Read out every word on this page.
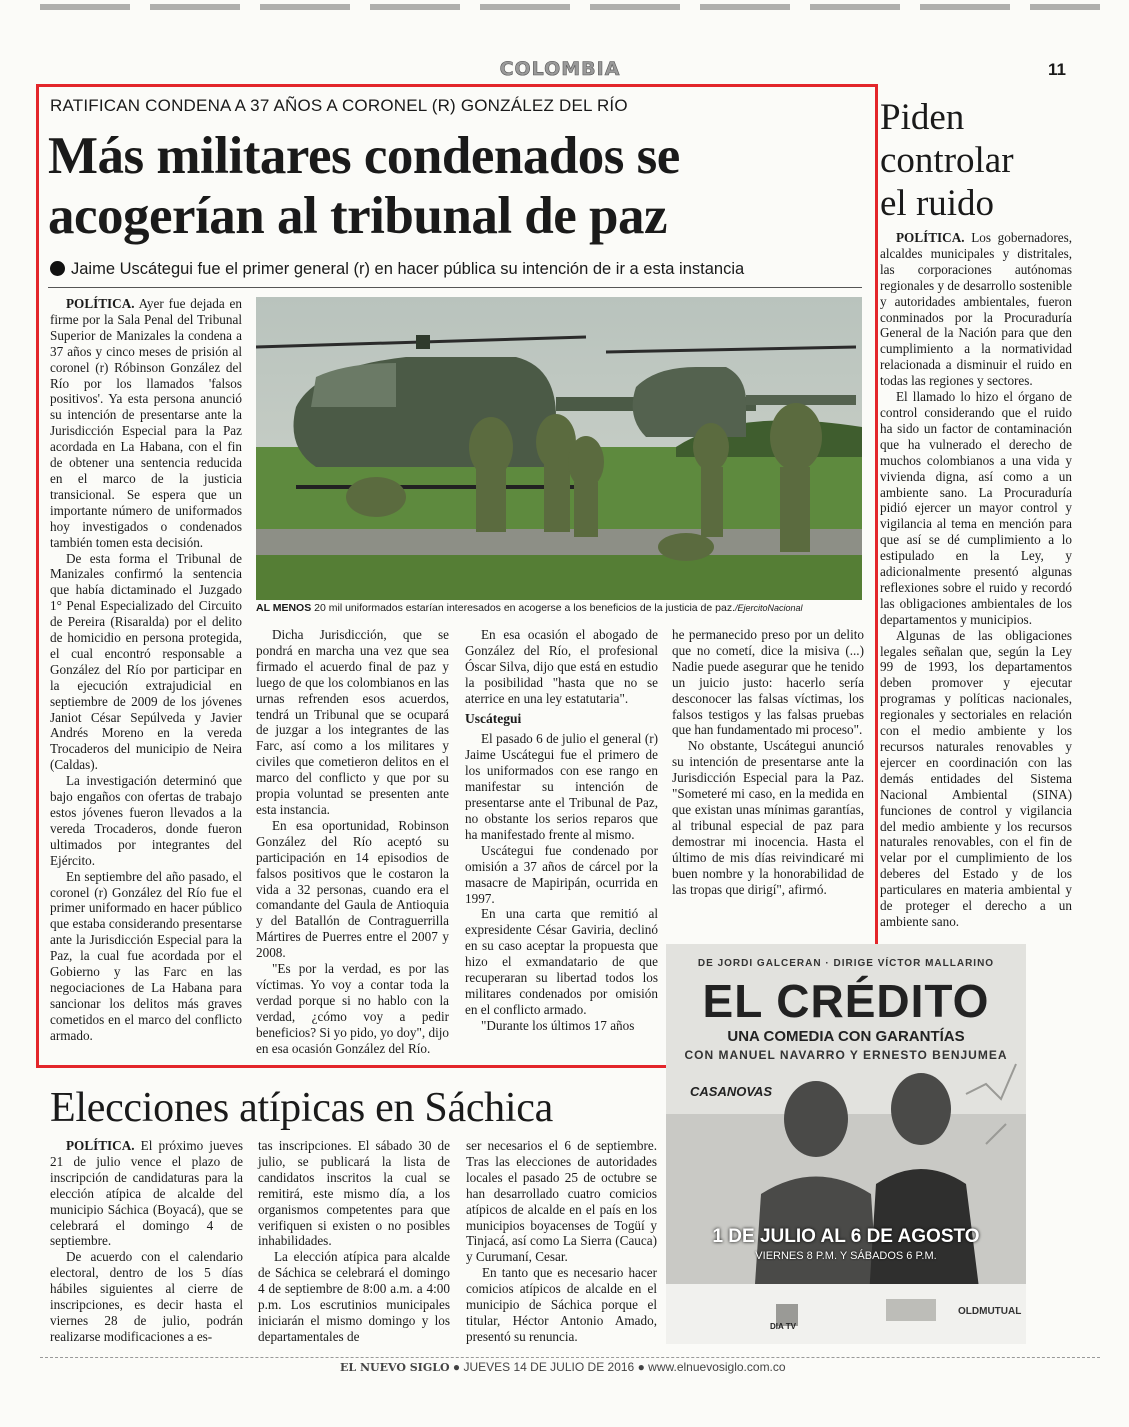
COLOMBIA	11
RATIFICAN CONDENA A 37 AÑOS A CORONEL (R) GONZÁLEZ DEL RÍO
Más militares condenados se
acogerían al tribunal de paz
Jaime Uscátegui fue el primer general (r) en hacer pública su intención de ir a esta instancia

POLÍTICA. Ayer fue dejada en firme por la Sala Penal del Tribunal Superior de Manizales la condena a 37 años y cinco meses de prisión al coronel (r) Róbinson González del Río por los llamados 'falsos positivos'. Ya esta persona anunció su intención de presentarse ante la Jurisdicción Especial para la Paz acordada en La Habana, con el fin de obtener una sentencia reducida en el marco de la justicia transicional. Se espera que un importante número de uniformados hoy investigados o condenados también tomen esta decisión.

De esta forma el Tribunal de Manizales confirmó la sentencia que había dictaminado el Juzgado 1° Penal Especializado del Circuito de Pereira (Risaralda) por el delito de homicidio en persona protegida, el cual encontró responsable a González del Río por participar en la ejecución extrajudicial en septiembre de 2009 de los jóvenes Janiot César Sepúlveda y Javier Andrés Moreno en la vereda Trocaderos del municipio de Neira (Caldas).

La investigación determinó que bajo engaños con ofertas de trabajo estos jóvenes fueron llevados a la vereda Trocaderos, donde fueron ultimados por integrantes del Ejército.

En septiembre del año pasado, el coronel (r) González del Río fue el primer uniformado en hacer público que estaba considerando presentarse ante la Jurisdicción Especial para la Paz, la cual fue acordada por el Gobierno y las Farc en las negociaciones de La Habana para sancionar los delitos más graves cometidos en el marco del conflicto armado.

AL MENOS 20 mil uniformados estarían interesados en acogerse a los beneficios de la justicia de paz./EjercitoNacional

Dicha Jurisdicción, que se pondrá en marcha una vez que sea firmado el acuerdo final de paz y luego de que los colombianos en las urnas refrenden esos acuerdos, tendrá un Tribunal que se ocupará de juzgar a los integrantes de las Farc, así como a los militares y civiles que cometieron delitos en el marco del conflicto y que por su propia voluntad se presenten ante esta instancia.

En esa oportunidad, Robinson González del Río aceptó su participación en 14 episodios de falsos positivos que le costaron la vida a 32 personas, cuando era el comandante del Gaula de Antioquia y del Batallón de Contraguerrilla Mártires de Puerres entre el 2007 y 2008.

"Es por la verdad, es por las víctimas. Yo voy a contar toda la verdad porque si no hablo con la verdad, ¿cómo voy a pedir beneficios? Si yo pido, yo doy", dijo en esa ocasión González del Río.

En esa ocasión el abogado de González del Río, el profesional Óscar Silva, dijo que está en estudio la posibilidad "hasta que no se aterrice en una ley estatutaria".

Uscátegui

El pasado 6 de julio el general (r) Jaime Uscátegui fue el primero de los uniformados con ese rango en manifestar su intención de presentarse ante el Tribunal de Paz, no obstante los serios reparos que ha manifestado frente al mismo.

Uscátegui fue condenado por omisión a 37 años de cárcel por la masacre de Mapiripán, ocurrida en 1997.

En una carta que remitió al expresidente César Gaviria, declinó en su caso aceptar la propuesta que hizo el exmandatario de que recuperaran su libertad todos los militares condenados por omisión en el conflicto armado.

"Durante los últimos 17 años

he permanecido preso por un delito que no cometí, dice la misiva (...) Nadie puede asegurar que he tenido un juicio justo: hacerlo sería desconocer las falsas víctimas, los falsos testigos y las falsas pruebas que han fundamentado mi proceso".

No obstante, Uscátegui anunció su intención de presentarse ante la Jurisdicción Especial para la Paz. "Someteré mi caso, en la medida en que existan unas mínimas garantías, al tribunal especial de paz para demostrar mi inocencia. Hasta el último de mis días reivindicaré mi buen nombre y la honorabilidad de las tropas que dirigí", afirmó.

Piden
controlar
el ruido

POLÍTICA. Los gobernadores, alcaldes municipales y distritales, las corporaciones autónomas regionales y de desarrollo sostenible y autoridades ambientales, fueron conminados por la Procuraduría General de la Nación para que den cumplimiento a la normatividad relacionada a disminuir el ruido en todas las regiones y sectores.

El llamado lo hizo el órgano de control considerando que el ruido ha sido un factor de contaminación que ha vulnerado el derecho de muchos colombianos a una vida y vivienda digna, así como a un ambiente sano. La Procuraduría pidió ejercer un mayor control y vigilancia al tema en mención para que así se dé cumplimiento a lo estipulado en la Ley, y adicionalmente presentó algunas reflexiones sobre el ruido y recordó las obligaciones ambientales de los departamentos y municipios.

Algunas de las obligaciones legales señalan que, según la Ley 99 de 1993, los departamentos deben promover y ejecutar programas y políticas nacionales, regionales y sectoriales en relación con el medio ambiente y los recursos naturales renovables y ejercer en coordinación con las demás entidades del Sistema Nacional Ambiental (SINA) funciones de control y vigilancia del medio ambiente y los recursos naturales renovables, con el fin de velar por el cumplimiento de los deberes del Estado y de los particulares en materia ambiental y de proteger el derecho a un ambiente sano.

Elecciones atípicas en Sáchica

POLÍTICA. El próximo jueves 21 de julio vence el plazo de inscripción de candidaturas para la elección atípica de alcalde del municipio Sáchica (Boyacá), que se celebrará el domingo 4 de septiembre.

De acuerdo con el calendario electoral, dentro de los 5 días hábiles siguientes al cierre de inscripciones, es decir hasta el viernes 28 de julio, podrán realizarse modificaciones a es-

tas inscripciones. El sábado 30 de julio, se publicará la lista de candidatos inscritos la cual se remitirá, este mismo día, a los organismos competentes para que verifiquen si existen o no posibles inhabilidades.

La elección atípica para alcalde de Sáchica se celebrará el domingo 4 de septiembre de 8:00 a.m. a 4:00 p.m. Los escrutinios municipales iniciarán el mismo domingo y los departamentales de

ser necesarios el 6 de septiembre. Tras las elecciones de autoridades locales el pasado 25 de octubre se han desarrollado cuatro comicios atípicos de alcalde en el país en los municipios boyacenses de Togüí y Tinjacá, así como La Sierra (Cauca) y Curumaní, Cesar.

En tanto que es necesario hacer comicios atípicos de alcalde en el municipio de Sáchica porque el titular, Héctor Antonio Amado, presentó su renuncia.

DE JORDI GALCERAN · DIRIGE VÍCTOR MALLARINO
EL CRÉDITO
UNA COMEDIA CON GARANTÍAS
CON MANUEL NAVARRO Y ERNESTO BENJUMEA
CASANOVAS
1 DE JULIO AL 6 DE AGOSTO
VIERNES 8 P.M. Y SÁBADOS 6 P.M.
DIA TV
OLDMUTUAL
EL NUEVO SIGLO ● JUEVES 14 DE JULIO DE 2016 ● www.elnuevosiglo.com.co
